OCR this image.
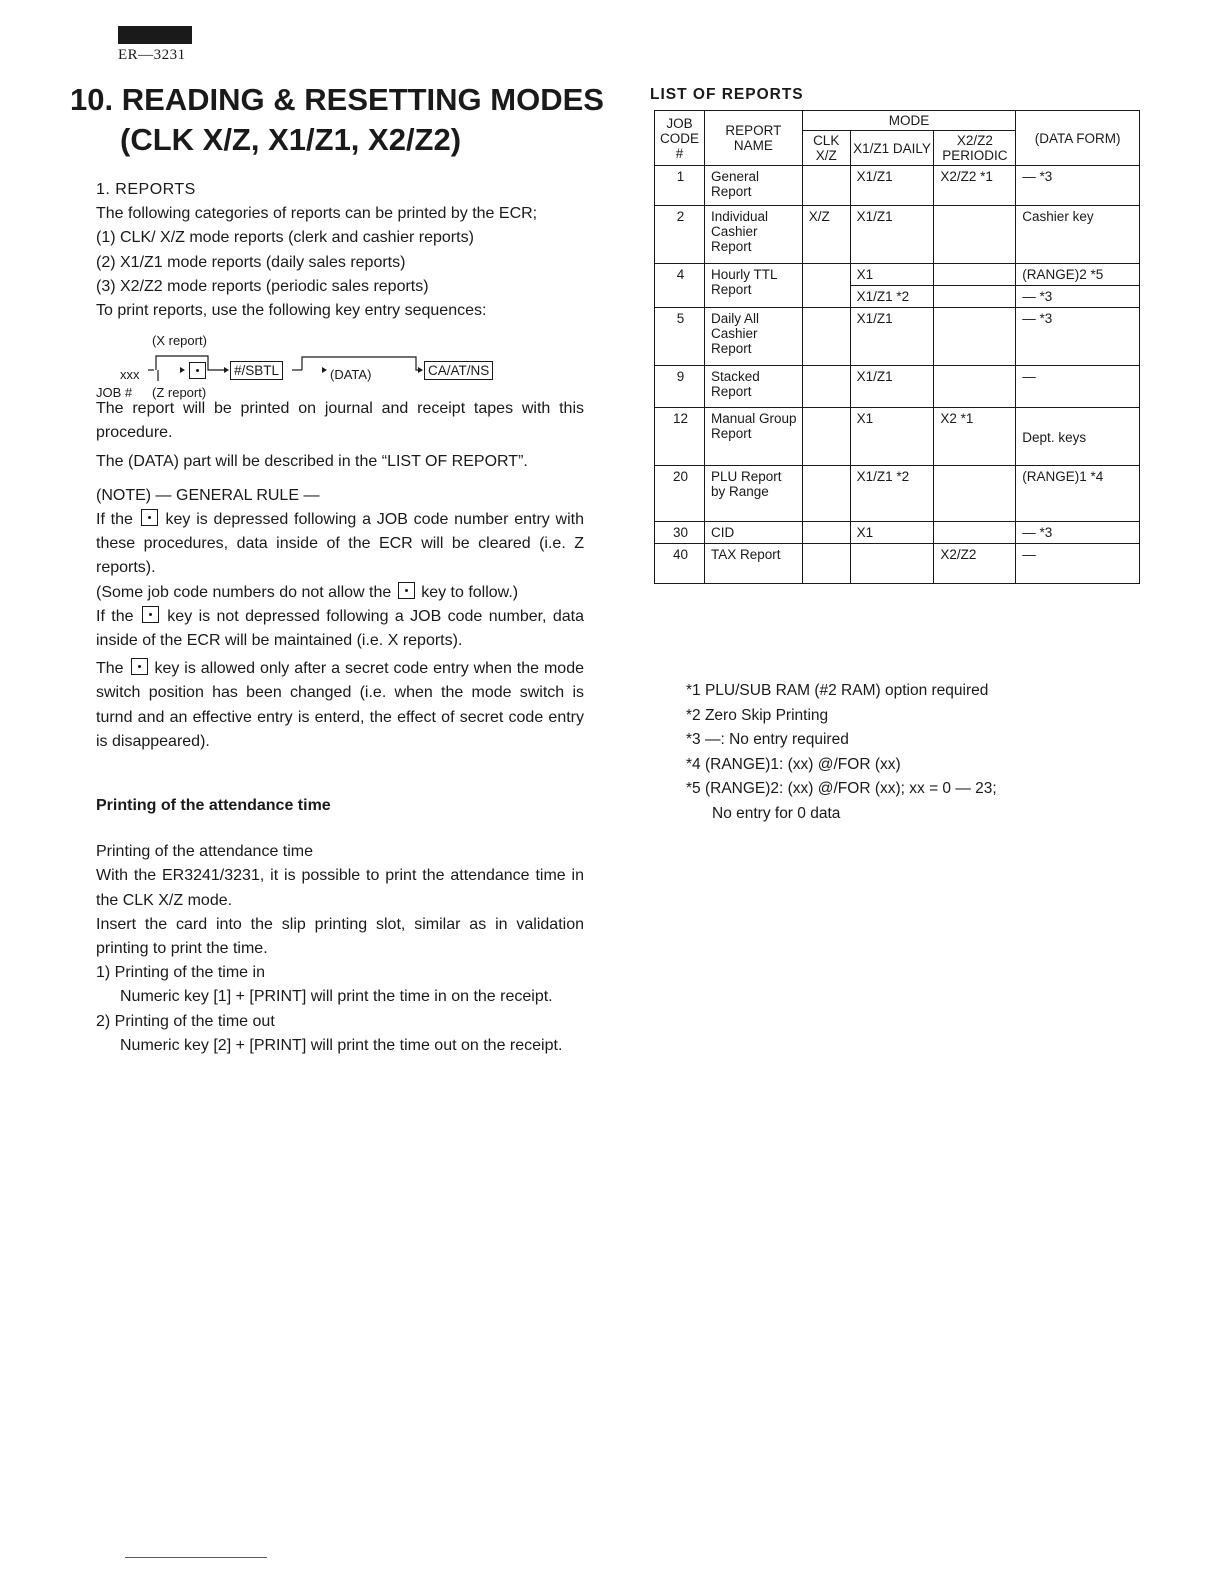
ER—3231
10. READING & RESETTING MODES
(CLK X/Z, X1/Z1, X2/Z2)

1. REPORTS

The following categories of reports can be printed by the ECR;

(1) CLK/ X/Z mode reports (clerk and cashier reports)

(2) X1/Z1 mode reports (daily sales reports)

(3) X2/Z2 mode reports (periodic sales reports)

To print reports, use the following key entry sequences:

(X report)
xxx	#/SBTL	(DATA)	CA/AT/NS
JOB # (Z report)

The report will be printed on journal and receipt tapes with this procedure.

The (DATA) part will be described in the “LIST OF REPORT”.

(NOTE) — GENERAL RULE —

If the key is depressed following a JOB code number entry with these procedures, data inside of the ECR will be cleared (i.e. Z reports).

(Some job code numbers do not allow the key to follow.)

If the key is not depressed following a JOB code number, data inside of the ECR will be maintained (i.e. X reports).

The key is allowed only after a secret code entry when the mode switch position has been changed (i.e. when the mode switch is turnd and an effective entry is enterd, the effect of secret code entry is disappeared).

Printing of the attendance time

Printing of the attendance time

With the ER3241/3231, it is possible to print the attendance time in the CLK X/Z mode.

Insert the card into the slip printing slot, similar as in validation printing to print the time.

1) Printing of the time in

Numeric key [1] + [PRINT] will print the time in on the receipt.

2) Printing of the time out

Numeric key [2] + [PRINT] will print the time out on the receipt.

LIST OF REPORTS
JOB CODE #	REPORT NAME	MODE			(DATA FORM)
		CLK X/Z	X1/Z1 DAILY	X2/Z2 PERIODIC	
1	General Report		X1/Z1	X2/Z2 *1	— *3
2	Individual Cashier Report	X/Z	X1/Z1		Cashier key
4	Hourly TTL Report		X1		(RANGE)2 *5
			X1/Z1 *2		— *3
5	Daily All Cashier Report		X1/Z1		— *3
9	Stacked Report		X1/Z1		—
12	Manual Group Report		X1	X2 *1	Dept. keys
20	PLU Report by Range		X1/Z1 *2		(RANGE)1 *4
30	CID		X1		— *3
40	TAX Report			X2/Z2	—

*1 PLU/SUB RAM (#2 RAM) option required

*2 Zero Skip Printing

*3 —: No entry required

*4 (RANGE)1: (xx) @/FOR (xx)

*5 (RANGE)2: (xx) @/FOR (xx); xx = 0 — 23;

No entry for 0 data
